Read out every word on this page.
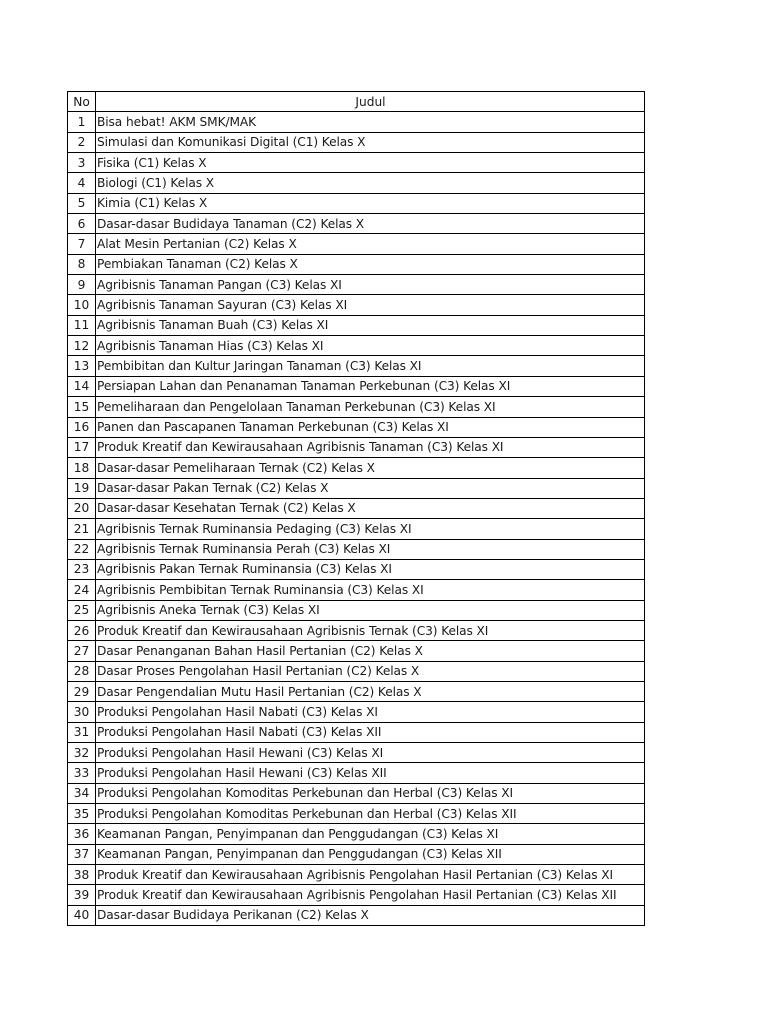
No	Judul
1	Bisa hebat! AKM SMK/MAK
2	Simulasi dan Komunikasi Digital (C1) Kelas X
3	Fisika (C1) Kelas X
4	Biologi (C1) Kelas X
5	Kimia (C1) Kelas X
6	Dasar-dasar Budidaya Tanaman (C2) Kelas X
7	Alat Mesin Pertanian (C2) Kelas X
8	Pembiakan Tanaman (C2) Kelas X
9	Agribisnis Tanaman Pangan (C3) Kelas XI
10	Agribisnis Tanaman Sayuran (C3) Kelas XI
11	Agribisnis Tanaman Buah (C3) Kelas XI
12	Agribisnis Tanaman Hias (C3) Kelas XI
13	Pembibitan dan Kultur Jaringan Tanaman (C3) Kelas XI
14	Persiapan Lahan dan Penanaman Tanaman Perkebunan (C3) Kelas XI
15	Pemeliharaan dan Pengelolaan Tanaman Perkebunan (C3) Kelas XI
16	Panen dan Pascapanen Tanaman Perkebunan (C3) Kelas XI
17	Produk Kreatif dan Kewirausahaan Agribisnis Tanaman (C3) Kelas XI
18	Dasar-dasar Pemeliharaan Ternak (C2) Kelas X
19	Dasar-dasar Pakan Ternak (C2) Kelas X
20	Dasar-dasar Kesehatan Ternak (C2) Kelas X
21	Agribisnis Ternak Ruminansia Pedaging (C3) Kelas XI
22	Agribisnis Ternak Ruminansia Perah (C3) Kelas XI
23	Agribisnis Pakan Ternak Ruminansia (C3) Kelas XI
24	Agribisnis Pembibitan Ternak Ruminansia (C3) Kelas XI
25	Agribisnis Aneka Ternak (C3) Kelas XI
26	Produk Kreatif dan Kewirausahaan Agribisnis Ternak (C3) Kelas XI
27	Dasar Penanganan Bahan Hasil Pertanian (C2) Kelas X
28	Dasar Proses Pengolahan Hasil Pertanian (C2) Kelas X
29	Dasar Pengendalian Mutu Hasil Pertanian (C2) Kelas X
30	Produksi Pengolahan Hasil Nabati (C3) Kelas XI
31	Produksi Pengolahan Hasil Nabati (C3) Kelas XII
32	Produksi Pengolahan Hasil Hewani (C3) Kelas XI
33	Produksi Pengolahan Hasil Hewani (C3) Kelas XII
34	Produksi Pengolahan Komoditas Perkebunan dan Herbal (C3) Kelas XI
35	Produksi Pengolahan Komoditas Perkebunan dan Herbal (C3) Kelas XII
36	Keamanan Pangan, Penyimpanan dan Penggudangan (C3) Kelas XI
37	Keamanan Pangan, Penyimpanan dan Penggudangan (C3) Kelas XII
38	Produk Kreatif dan Kewirausahaan Agribisnis Pengolahan Hasil Pertanian (C3) Kelas XI
39	Produk Kreatif dan Kewirausahaan Agribisnis Pengolahan Hasil Pertanian (C3) Kelas XII
40	Dasar-dasar Budidaya Perikanan (C2) Kelas X
